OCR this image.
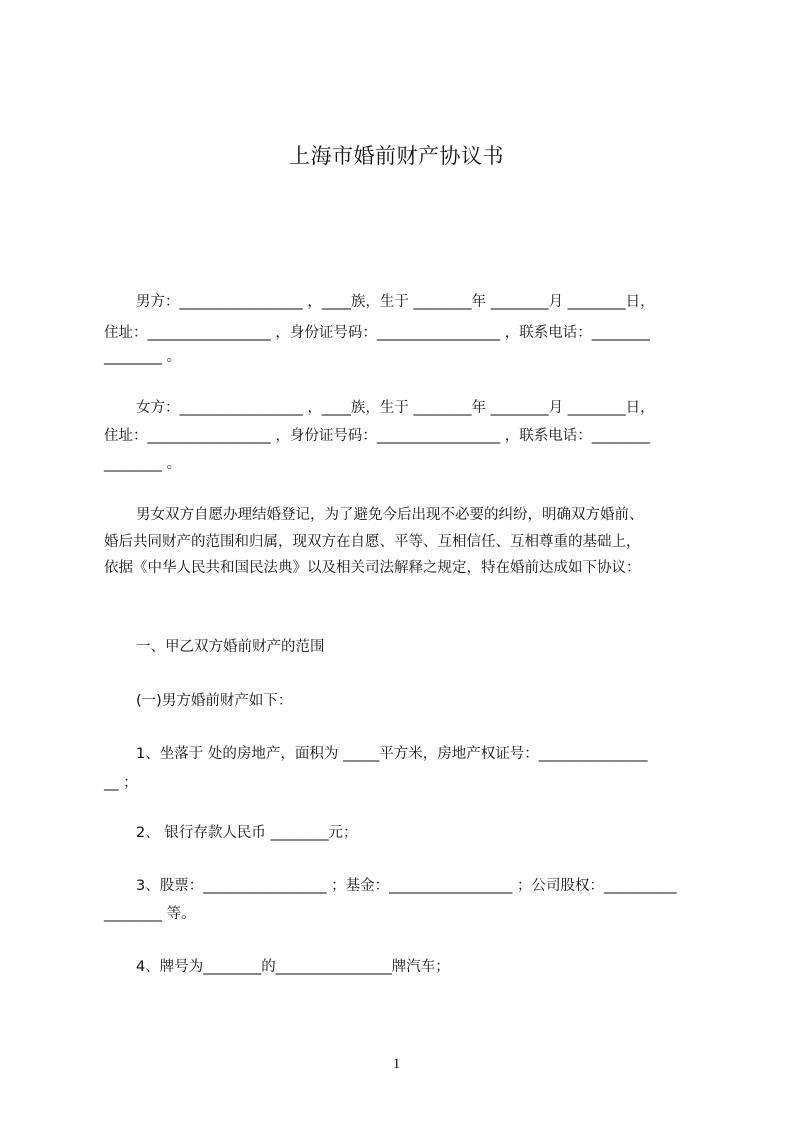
上海市婚前财产协议书
男方：_________________ ，____族，生于 ________年 ________月 ________日，
住址：_________________ ，身份证号码：_________________ ，联系电话：________
________ 。
女方：_________________ ，____族，生于 ________年 ________月 ________日，
住址：_________________ ，身份证号码：_________________ ，联系电话：________
________ 。
男女双方自愿办理结婚登记，为了避免今后出现不必要的纠纷，明确双方婚前、
婚后共同财产的范围和归属，现双方在自愿、平等、互相信任、互相尊重的基础上，
依据《中华人民共和国民法典》以及相关司法解释之规定，特在婚前达成如下协议：
一、甲乙双方婚前财产的范围
(一)男方婚前财产如下：
1、坐落于 处的房地产，面积为 _____平方米，房地产权证号：_______________
__ ；
2、 银行存款人民币 ________元；
3、股票：_________________ ；基金：_________________ ；公司股权：__________
________ 等。
4、牌号为________的________________牌汽车；
1
